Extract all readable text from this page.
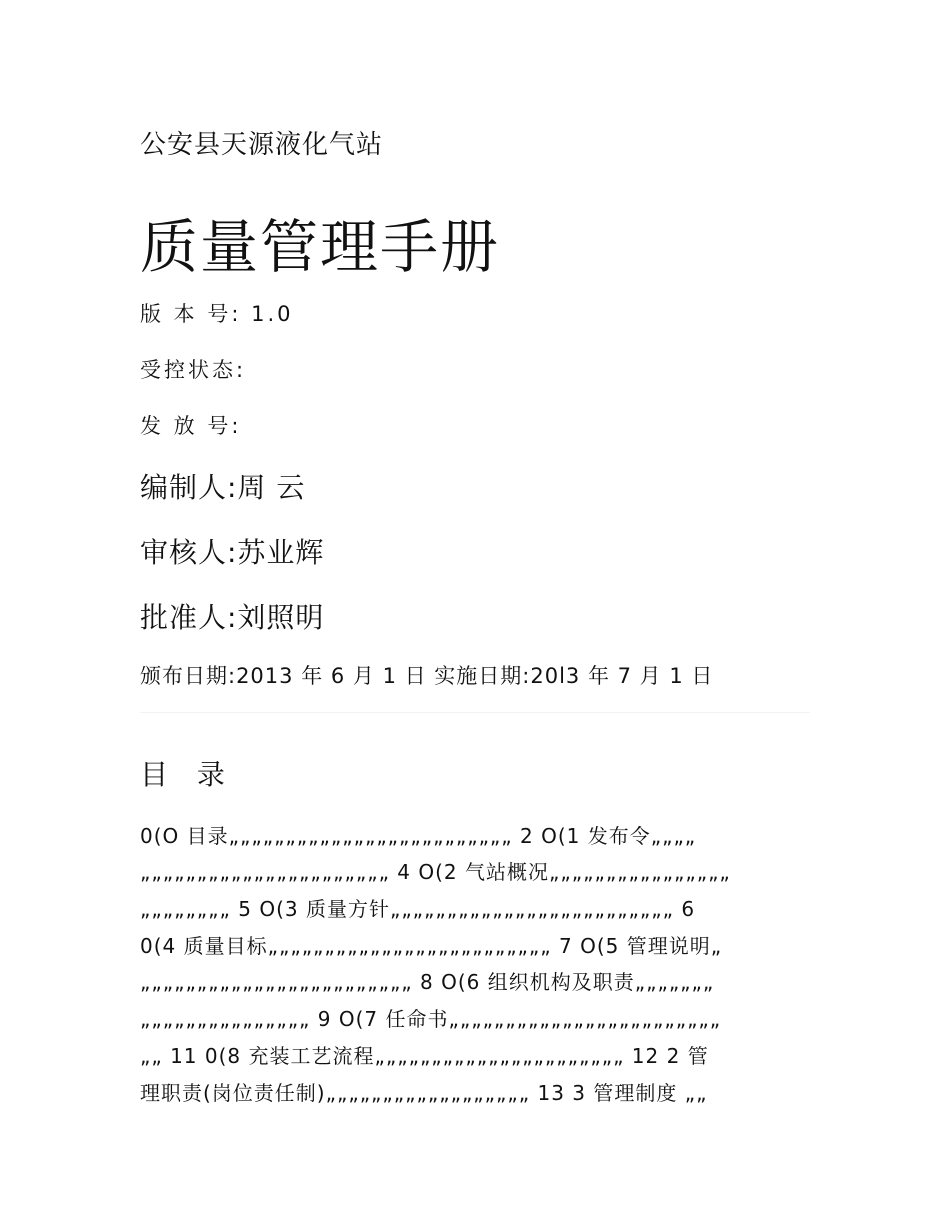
公安县天源液化气站
质量管理手册
版 本 号: 1.0
受控状态:
发 放 号:
编制人:周 云
审核人:苏业辉
批准人:刘照明
颁布日期:2013 年 6 月 1 日 实施日期:20l3 年 7 月 1 日
目 录
0(O 目录„„„„„„„„„„„„„„„„„„„„„„„„„ 2 O(1 发布令„„„„
„„„„„„„„„„„„„„„„„„„„„„ 4 O(2 气站概况„„„„„„„„„„„„„„„„
„„„„„„„„ 5 O(3 质量方针„„„„„„„„„„„„„„„„„„„„„„„„„ 6
0(4 质量目标„„„„„„„„„„„„„„„„„„„„„„„„„ 7 O(5 管理说明„
„„„„„„„„„„„„„„„„„„„„„„„„ 8 O(6 组织机构及职责„„„„„„„
„„„„„„„„„„„„„„„ 9 O(7 任命书„„„„„„„„„„„„„„„„„„„„„„„„
„„ 11 0(8 充装工艺流程„„„„„„„„„„„„„„„„„„„„„„ 12 2 管
理职责(岗位责任制)„„„„„„„„„„„„„„„„„„ 13 3 管理制度 „„
